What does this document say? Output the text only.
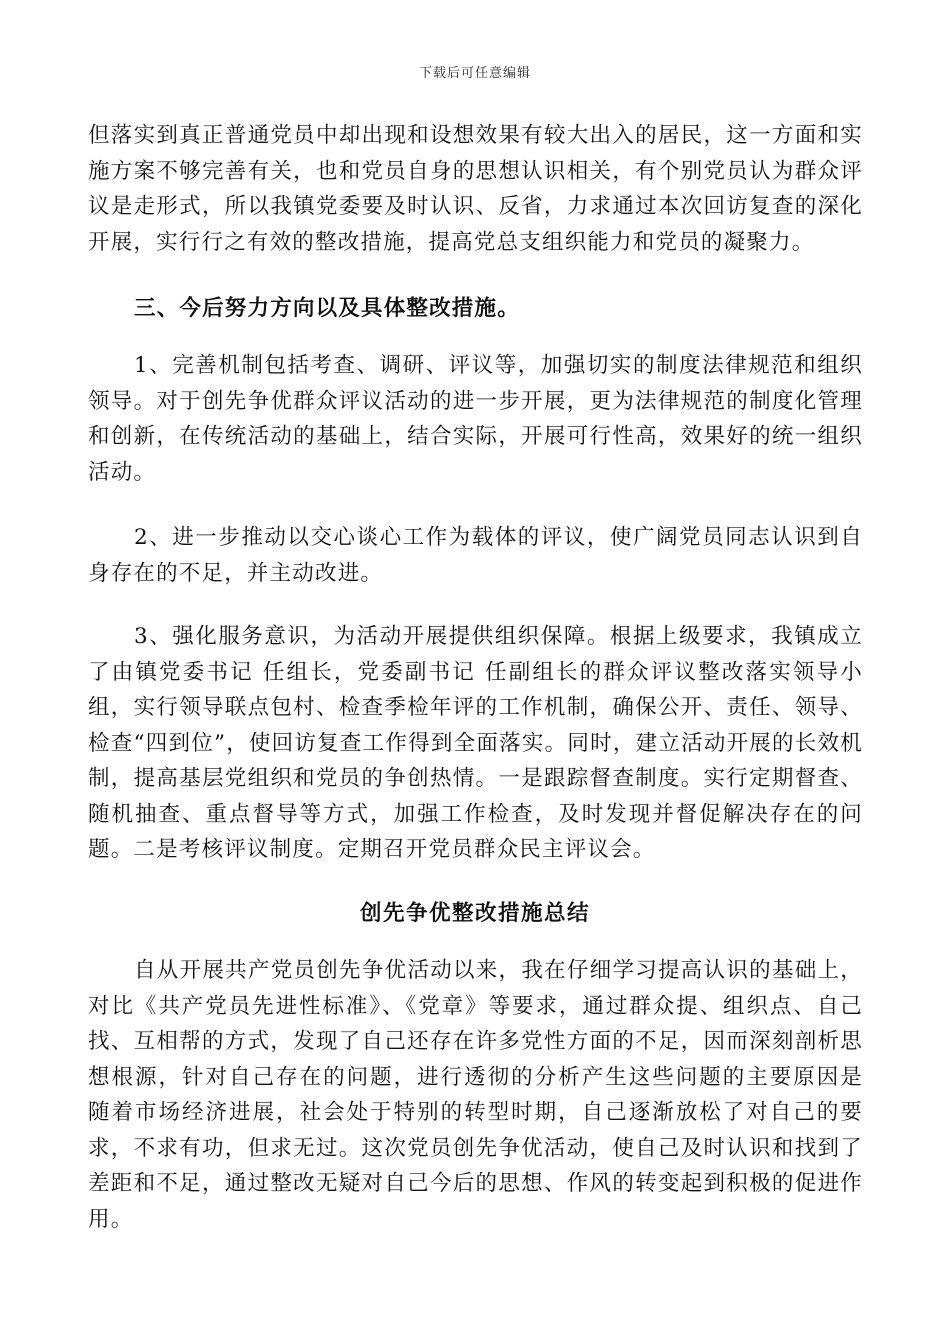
下载后可任意编辑

但落实到真正普通党员中却出现和设想效果有较大出入的居民，这一方面和实施方案不够完善有关，也和党员自身的思想认识相关，有个别党员认为群众评议是走形式，所以我镇党委要及时认识、反省，力求通过本次回访复查的深化开展，实行行之有效的整改措施，提高党总支组织能力和党员的凝聚力。

三、今后努力方向以及具体整改措施。

1、完善机制包括考查、调研、评议等，加强切实的制度法律规范和组织领导。对于创先争优群众评议活动的进一步开展，更为法律规范的制度化管理和创新，在传统活动的基础上，结合实际，开展可行性高，效果好的统一组织活动。

2、进一步推动以交心谈心工作为载体的评议，使广阔党员同志认识到自身存在的不足，并主动改进。

3、强化服务意识，为活动开展提供组织保障。根据上级要求，我镇成立了由镇党委书记 任组长，党委副书记 任副组长的群众评议整改落实领导小组，实行领导联点包村、检查季检年评的工作机制，确保公开、责任、领导、检查“四到位”，使回访复查工作得到全面落实。同时，建立活动开展的长效机制，提高基层党组织和党员的争创热情。一是跟踪督查制度。实行定期督查、随机抽查、重点督导等方式，加强工作检查，及时发现并督促解决存在的问题。二是考核评议制度。定期召开党员群众民主评议会。

创先争优整改措施总结

自从开展共产党员创先争优活动以来，我在仔细学习提高认识的基础上，对比《共产党员先进性标准》、《党章》等要求，通过群众提、组织点、自己找、互相帮的方式，发现了自己还存在许多党性方面的不足，因而深刻剖析思想根源，针对自己存在的问题，进行透彻的分析产生这些问题的主要原因是 随着市场经济进展，社会处于特别的转型时期，自己逐渐放松了对自己的要求，不求有功，但求无过。这次党员创先争优活动，使自己及时认识和找到了差距和不足，通过整改无疑对自己今后的思想、作风的转变起到积极的促进作用。
